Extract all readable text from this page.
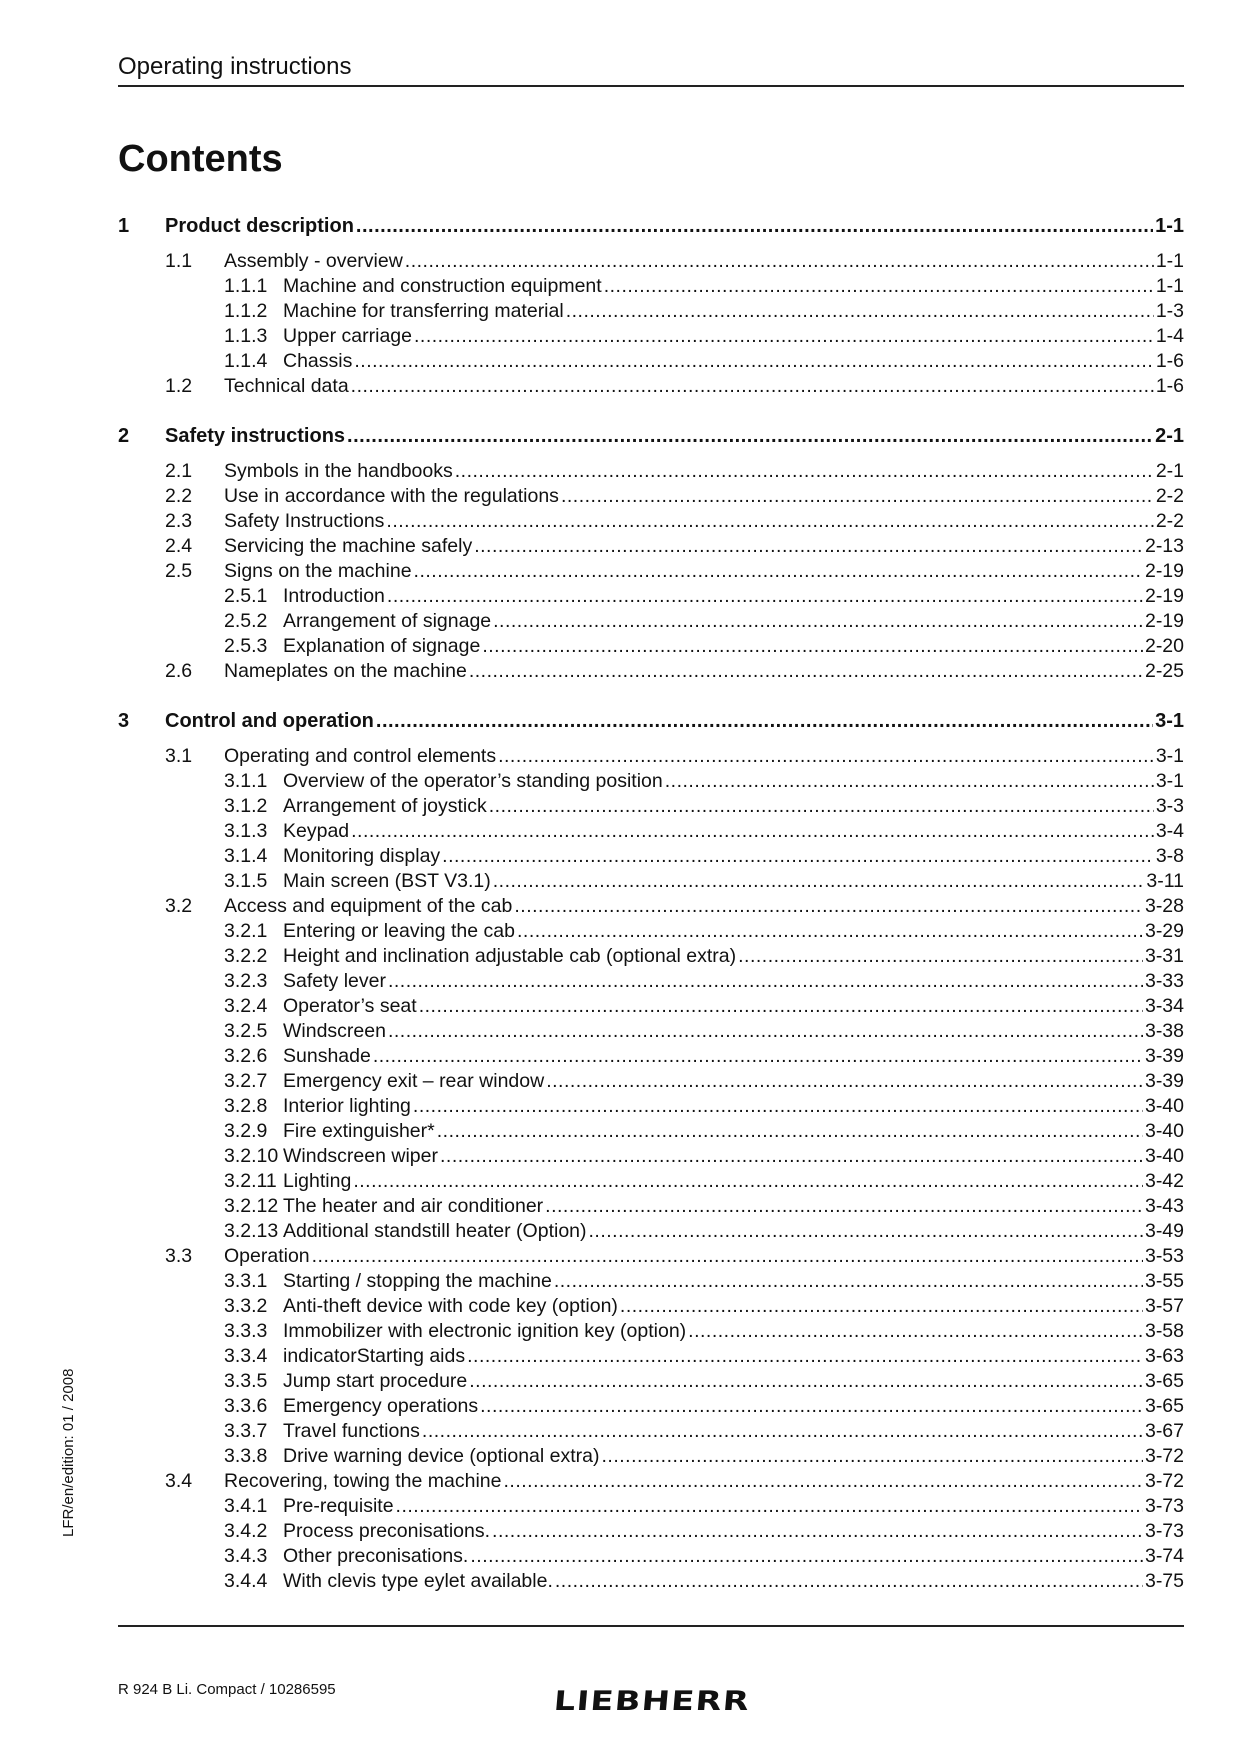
Operating instructions
Contents
1	Product description .....	1-1
1.1	Assembly - overview .....	1-1
1.1.1 Machine and construction equipment .....	1-1
1.1.2 Machine for transferring material .....	1-3
1.1.3 Upper carriage .....	1-4
1.1.4 Chassis .....	1-6
1.2	Technical data .....	1-6
2	Safety instructions .....	2-1
2.1	Symbols in the handbooks .....	2-1
2.2	Use in accordance with the regulations .....	2-2
2.3	Safety Instructions .....	2-2
2.4	Servicing the machine safely .....	2-13
2.5	Signs on the machine .....	2-19
2.5.1 Introduction .....	2-19
2.5.2 Arrangement of signage .....	2-19
2.5.3 Explanation of signage .....	2-20
2.6	Nameplates on the machine .....	2-25
3	Control and operation .....	3-1
3.1	Operating and control elements .....	3-1
3.1.1 Overview of the operator’s standing position .....	3-1
3.1.2 Arrangement of joystick .....	3-3
3.1.3 Keypad .....	3-4
3.1.4 Monitoring display .....	3-8
3.1.5 Main screen (BST V3.1) .....	3-11
3.2	Access and equipment of the cab .....	3-28
3.2.1 Entering or leaving the cab .....	3-29
3.2.2 Height and inclination adjustable cab (optional extra) .....	3-31
3.2.3 Safety lever .....	3-33
3.2.4 Operator’s seat .....	3-34
3.2.5 Windscreen .....	3-38
3.2.6 Sunshade .....	3-39
3.2.7 Emergency exit – rear window .....	3-39
3.2.8 Interior lighting .....	3-40
3.2.9 Fire extinguisher* .....	3-40
3.2.10 Windscreen wiper .....	3-40
3.2.11 Lighting .....	3-42
3.2.12 The heater and air conditioner .....	3-43
3.2.13 Additional standstill heater (Option) .....	3-49
3.3	Operation .....	3-53
3.3.1 Starting / stopping the machine .....	3-55
3.3.2 Anti-theft device with code key (option) .....	3-57
3.3.3 Immobilizer with electronic ignition key (option) .....	3-58
3.3.4 indicatorStarting aids .....	3-63
3.3.5 Jump start procedure .....	3-65
3.3.6 Emergency operations .....	3-65
3.3.7 Travel functions .....	3-67
3.3.8 Drive warning device (optional extra) .....	3-72
3.4	Recovering, towing the machine .....	3-72
3.4.1 Pre-requisite .....	3-73
3.4.2 Process preconisations. .....	3-73
3.4.3 Other preconisations. .....	3-74
3.4.4 With clevis type eylet available. .....	3-75
LFR/en/edition: 01 / 2008
R 924 B Li. Compact / 10286595	LIEBHERR
